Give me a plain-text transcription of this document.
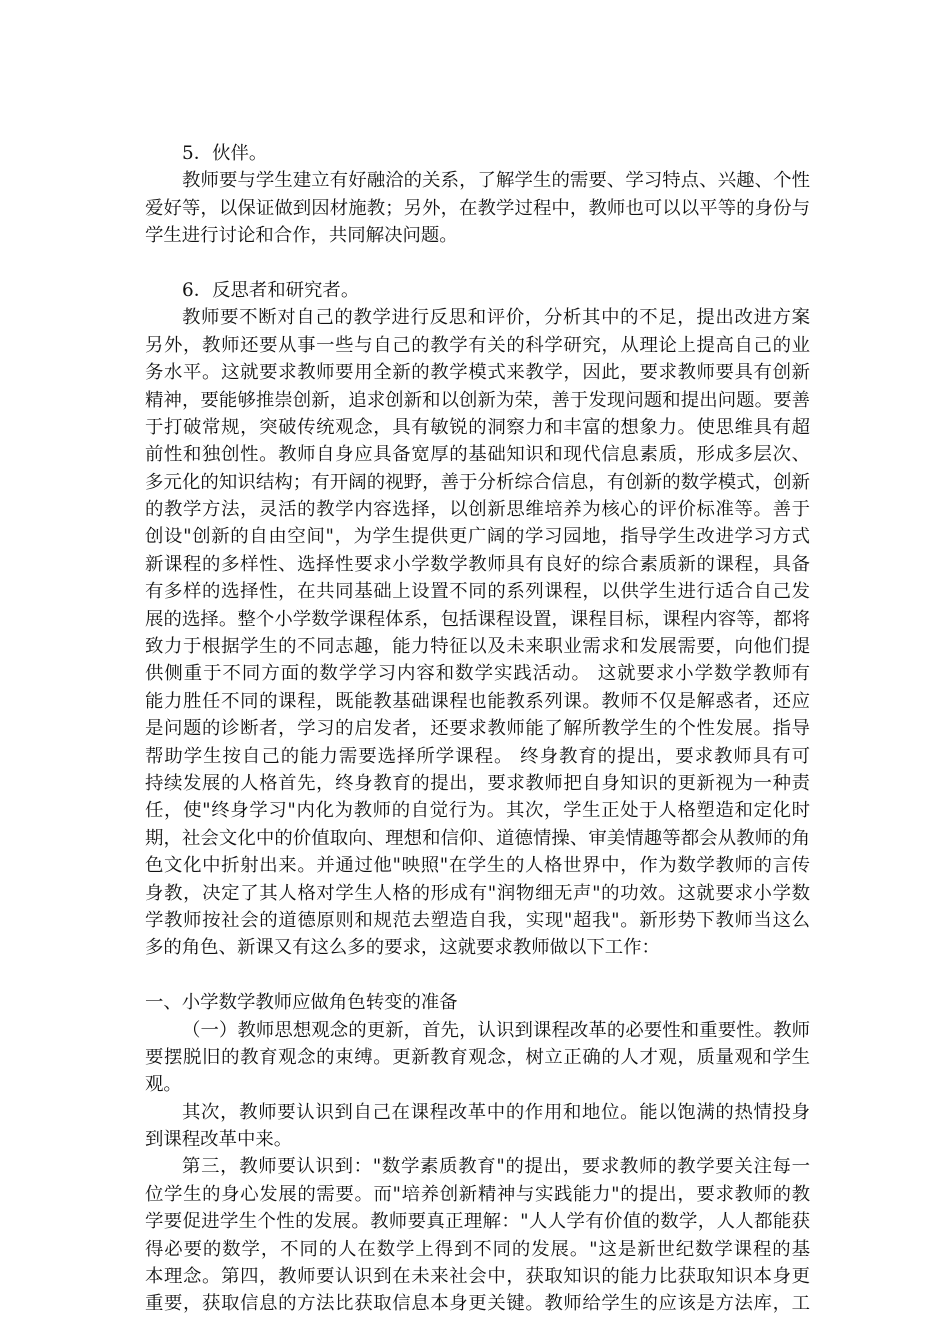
5．伙伴。
教师要与学生建立有好融洽的关系，了解学生的需要、学习特点、兴趣、个性
爱好等，以保证做到因材施教；另外，在教学过程中，教师也可以以平等的身份与
学生进行讨论和合作，共同解决问题。
6．反思者和研究者。
教师要不断对自己的教学进行反思和评价，分析其中的不足，提出改进方案
另外，教师还要从事一些与自己的教学有关的科学研究，从理论上提高自己的业
务水平。这就要求教师要用全新的教学模式来教学，因此，要求教师要具有创新
精神，要能够推崇创新，追求创新和以创新为荣，善于发现问题和提出问题。要善
于打破常规，突破传统观念，具有敏锐的洞察力和丰富的想象力。使思维具有超
前性和独创性。教师自身应具备宽厚的基础知识和现代信息素质，形成多层次、
多元化的知识结构；有开阔的视野，善于分析综合信息，有创新的数学模式，创新
的教学方法，灵活的教学内容选择，以创新思维培养为核心的评价标准等。善于
创设"创新的自由空间"，为学生提供更广阔的学习园地，指导学生改进学习方式
新课程的多样性、选择性要求小学数学教师具有良好的综合素质新的课程，具备
有多样的选择性，在共同基础上设置不同的系列课程，以供学生进行适合自己发
展的选择。整个小学数学课程体系，包括课程设置，课程目标，课程内容等，都将
致力于根据学生的不同志趣，能力特征以及未来职业需求和发展需要，向他们提
供侧重于不同方面的数学学习内容和数学实践活动。 这就要求小学数学教师有
能力胜任不同的课程，既能教基础课程也能教系列课。教师不仅是解惑者，还应
是问题的诊断者，学习的启发者，还要求教师能了解所教学生的个性发展。指导
帮助学生按自己的能力需要选择所学课程。 终身教育的提出，要求教师具有可
持续发展的人格首先，终身教育的提出，要求教师把自身知识的更新视为一种责
任，使"终身学习"内化为教师的自觉行为。其次，学生正处于人格塑造和定化时
期，社会文化中的价值取向、理想和信仰、道德情操、审美情趣等都会从教师的角
色文化中折射出来。并通过他"映照"在学生的人格世界中，作为数学教师的言传
身教，决定了其人格对学生人格的形成有"润物细无声"的功效。这就要求小学数
学教师按社会的道德原则和规范去塑造自我，实现"超我"。新形势下教师当这么
多的角色、新课又有这么多的要求，这就要求教师做以下工作：
一、小学数学教师应做角色转变的准备
（一）教师思想观念的更新，首先，认识到课程改革的必要性和重要性。教师
要摆脱旧的教育观念的束缚。更新教育观念，树立正确的人才观，质量观和学生
观。
其次，教师要认识到自己在课程改革中的作用和地位。能以饱满的热情投身
到课程改革中来。
第三，教师要认识到："数学素质教育"的提出，要求教师的教学要关注每一
位学生的身心发展的需要。而"培养创新精神与实践能力"的提出，要求教师的教
学要促进学生个性的发展。教师要真正理解："人人学有价值的数学，人人都能获
得必要的数学，不同的人在数学上得到不同的发展。"这是新世纪数学课程的基
本理念。第四，教师要认识到在未来社会中，获取知识的能力比获取知识本身更
重要，获取信息的方法比获取信息本身更关键。教师给学生的应该是方法库，工
